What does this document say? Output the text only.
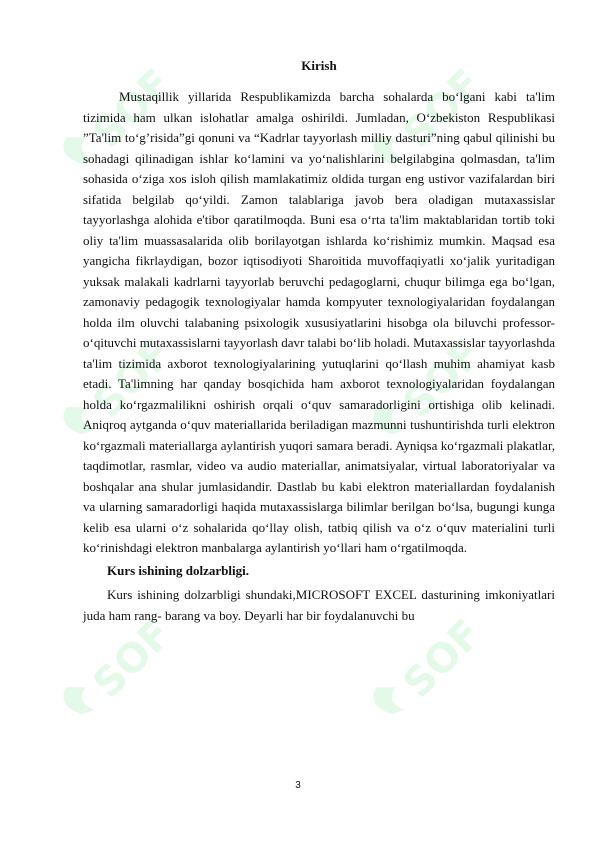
SOF	SOF
SOF	SOF
SOF	SOF
Kirish

Mustaqillik yillarida Respublikamizda barcha sohalarda bo‘lgani kabi ta'lim tizimida ham ulkan islohatlar amalga oshirildi. Jumladan, O‘zbekiston Respublikasi ”Ta'lim to‘g’risida”gi qonuni va “Kadrlar tayyorlash milliy dasturi”ning qabul qilinishi bu sohadagi qilinadigan ishlar ko‘lamini va yo‘nalishlarini belgilabgina qolmasdan, ta'lim sohasida o‘ziga xos isloh qilish mamlakatimiz oldida turgan eng ustivor vazifalardan biri sifatida belgilab qo‘yildi. Zamon talablariga javob bera oladigan mutaxassislar tayyorlashga alohida e'tibor qaratilmoqda. Buni esa o‘rta ta'lim maktablaridan tortib toki oliy ta'lim muassasalarida olib borilayotgan ishlarda ko‘rishimiz mumkin. Maqsad esa yangicha fikrlaydigan, bozor iqtisodiyoti Sharoitida muvoffaqiyatli xo‘jalik yuritadigan yuksak malakali kadrlarni tayyorlab beruvchi pedagoglarni, chuqur bilimga ega bo‘lgan, zamonaviy pedagogik texnologiyalar hamda kompyuter texnologiyalaridan foydalangan holda ilm oluvchi talabaning psixologik xususiyatlarini hisobga ola biluvchi professor-o‘qituvchi mutaxassislarni tayyorlash davr talabi bo‘lib holadi. Mutaxassislar tayyorlashda ta'lim tizimida axborot texnologiyalarining yutuqlarini qo‘llash muhim ahamiyat kasb etadi. Ta'limning har qanday bosqichida ham axborot texnologiyalaridan foydalangan holda ko‘rgazmalilikni oshirish orqali o‘quv samaradorligini ortishiga olib kelinadi. Aniqroq aytganda o‘quv materiallarida beriladigan mazmunni tushuntirishda turli elektron ko‘rgazmali materiallarga aylantirish yuqori samara beradi. Ayniqsa ko‘rgazmali plakatlar, taqdimotlar, rasmlar, video va audio materiallar, animatsiyalar, virtual laboratoriyalar va boshqalar ana shular jumlasidandir. Dastlab bu kabi elektron materiallardan foydalanish va ularning samaradorligi haqida mutaxassislarga bilimlar berilgan bo‘lsa, bugungi kunga kelib esa ularni o‘z sohalarida qo‘llay olish, tatbiq qilish va o‘z o‘quv materialini turli ko‘rinishdagi elektron manbalarga aylantirish yo‘llari ham o‘rgatilmoqda.

Kurs ishining dolzarbligi.

Kurs ishining dolzarbligi shundaki,MICROSOFT EXCEL dasturining imkoniyatlari juda ham rang- barang va boy. Deyarli har bir foydalanuvchi bu

3
